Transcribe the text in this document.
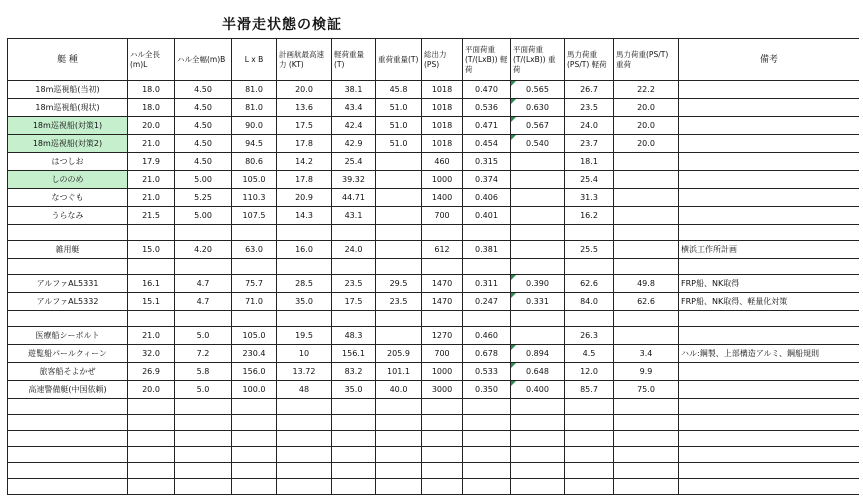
半滑走状態の検証
艇 種	ハル全長(m)L	ハル全幅(m)B	L x B	計画航最高速力 (KT)	軽荷重量(T)	重荷重量(T)	総出力(PS)	平面荷重 (T/(LxB)) 軽荷	平面荷重 (T/(LxB)) 重荷	馬力荷重(PS/T) 軽荷	馬力荷重(PS/T) 重荷	備考
18m巡視船(当初)	18.0	4.50	81.0	20.0	38.1	45.8	1018	0.470	0.565	26.7	22.2	
18m巡視船(現状)	18.0	4.50	81.0	13.6	43.4	51.0	1018	0.536	0.630	23.5	20.0	
18m巡視船(対策1)	20.0	4.50	90.0	17.5	42.4	51.0	1018	0.471	0.567	24.0	20.0	
18m巡視船(対策2)	21.0	4.50	94.5	17.8	42.9	51.0	1018	0.454	0.540	23.7	20.0	
はつしお	17.9	4.50	80.6	14.2	25.4		460	0.315		18.1		
しののめ	21.0	5.00	105.0	17.8	39.32		1000	0.374		25.4		
なつぐも	21.0	5.25	110.3	20.9	44.71		1400	0.406		31.3		
うらなみ	21.5	5.00	107.5	14.3	43.1		700	0.401		16.2		

雑用艇	15.0	4.20	63.0	16.0	24.0		612	0.381		25.5		横浜工作所計画

アルファAL5331	16.1	4.7	75.7	28.5	23.5	29.5	1470	0.311	0.390	62.6	49.8	FRP船、NK取得
アルファAL5332	15.1	4.7	71.0	35.0	17.5	23.5	1470	0.247	0.331	84.0	62.6	FRP船、NK取得、軽量化対策

医療船シーボルト	21.0	5.0	105.0	19.5	48.3		1270	0.460		26.3		
遊覧船パールクィーン	32.0	7.2	230.4	10	156.1	205.9	700	0.678	0.894	4.5	3.4	ハル:鋼製、上部構造アルミ、鋼船規則
旅客船そよかぜ	26.9	5.8	156.0	13.72	83.2	101.1	1000	0.533	0.648	12.0	9.9	
高速警備艇(中国依頼)	20.0	5.0	100.0	48	35.0	40.0	3000	0.350	0.400	85.7	75.0	
